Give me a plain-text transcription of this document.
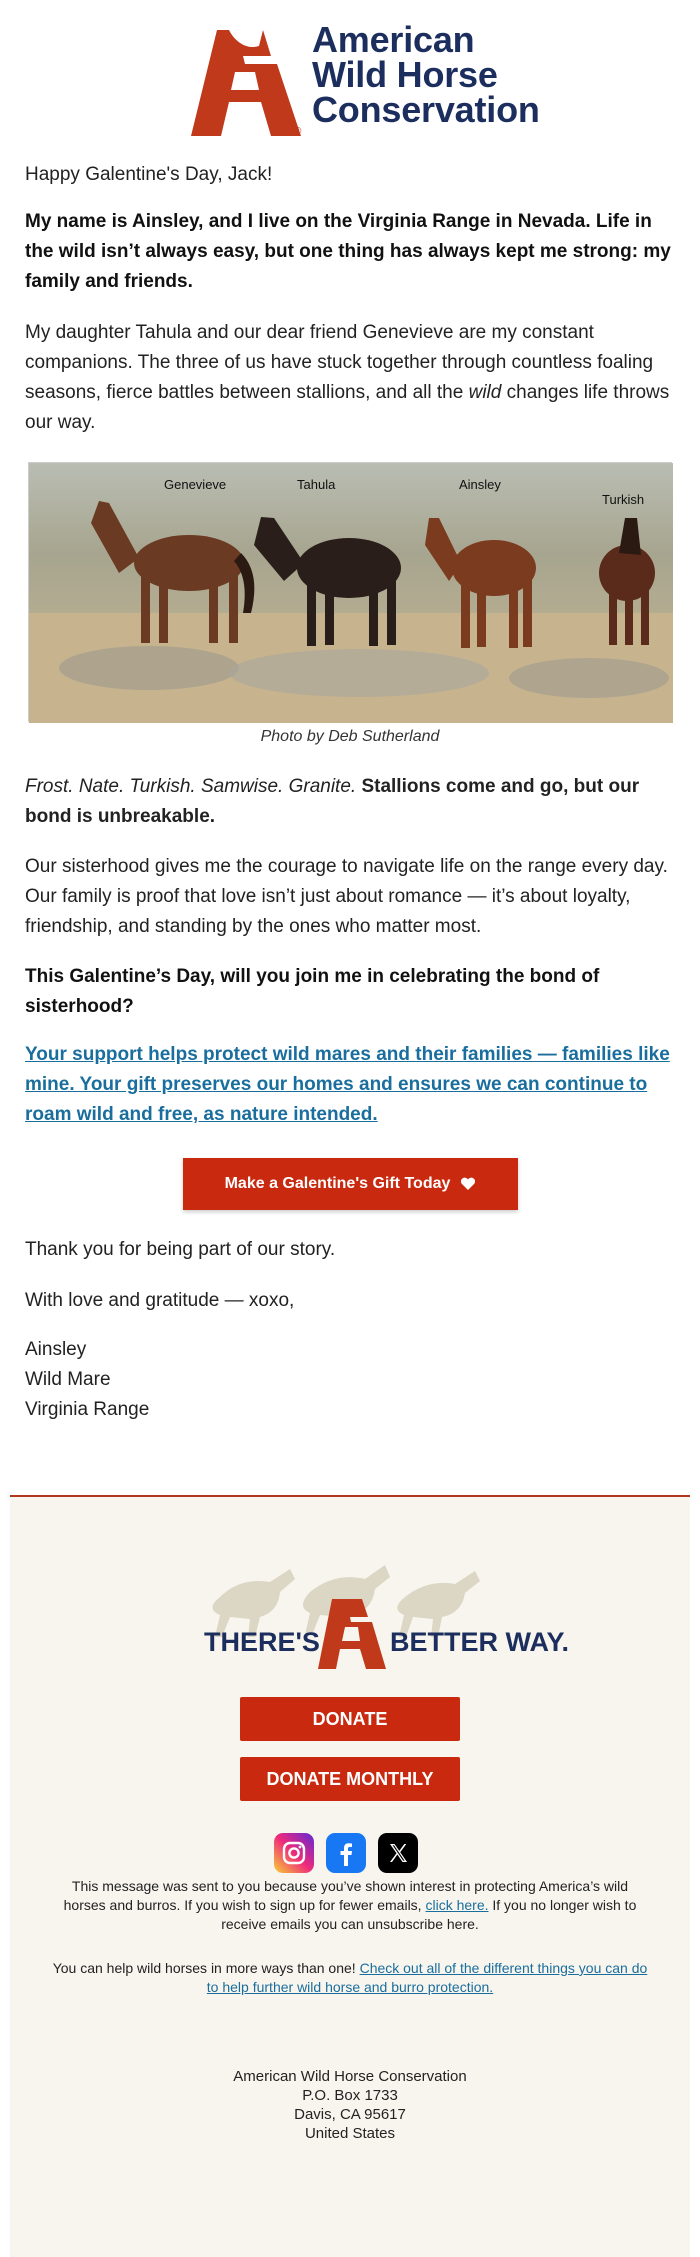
®
American
Wild Horse
Conservation
Happy Galentine's Day, Jack!
My name is Ainsley, and I live on the Virginia Range in Nevada. Life in the wild isn’t always easy, but one thing has always kept me strong: my family and friends.
My daughter Tahula and our dear friend Genevieve are my constant companions. The three of us have stuck together through countless foaling seasons, fierce battles between stallions, and all the wild changes life throws our way.
Genevieve	Tahula	Ainsley
Turkish
Photo by Deb Sutherland
Frost. Nate. Turkish. Samwise. Granite. Stallions come and go, but our bond is unbreakable.
Our sisterhood gives me the courage to navigate life on the range every day. Our family is proof that love isn’t just about romance — it’s about loyalty, friendship, and standing by the ones who matter most.
This Galentine’s Day, will you join me in celebrating the bond of sisterhood?
Your support helps protect wild mares and their families — families like mine. Your gift preserves our homes and ensures we can continue to roam wild and free, as nature intended.
Make a Galentine's Gift Today
Thank you for being part of our story.
With love and gratitude — xoxo,
Ainsley
Wild Mare
Virginia Range
THERE'S	BETTER WAY.
DONATE
DONATE MONTHLY
This message was sent to you because you’ve shown interest in protecting America’s wild horses and burros. If you wish to sign up for fewer emails, click here. If you no longer wish to receive emails you can unsubscribe here.
You can help wild horses in more ways than one! Check out all of the different things you can do to help further wild horse and burro protection.
American Wild Horse Conservation
P.O. Box 1733
Davis, CA 95617
United States
